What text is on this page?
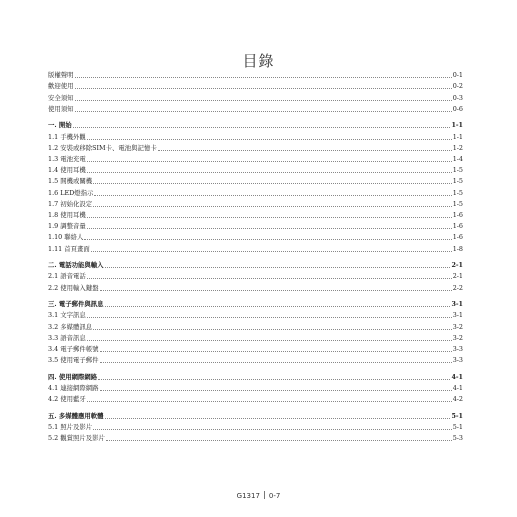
目錄
版權聲明	0-1
歡迎使用	0-2
安全須知	0-3
使用須知	0-6
一. 開始	1-1
1.1 手機外觀	1-1
1.2 安裝或移除SIM卡、電池與記憶卡	1-2
1.3 電池充電	1-4
1.4 使用耳機	1-5
1.5 開機或關機	1-5
1.6 LED燈指示	1-5
1.7 初始化設定	1-5
1.8 使用耳機	1-6
1.9 調整音量	1-6
1.10 聯絡人	1-6
1.11 首頁畫面	1-8
二. 電話功能與輸入	2-1
2.1 語音電話	2-1
2.2 使用輸入鍵盤	2-2
三. 電子郵件與訊息	3-1
3.1 文字訊息	3-1
3.2 多媒體訊息	3-2
3.3 語音訊息	3-2
3.4 電子郵件帳號	3-3
3.5 使用電子郵件	3-3
四. 使用網際網路	4-1
4.1 連接網際網路	4-1
4.2 使用藍牙	4-2
五. 多媒體應用軟體	5-1
5.1 照片及影片	5-1
5.2 觀賞照片及影片	5-3
G1317 0-7
